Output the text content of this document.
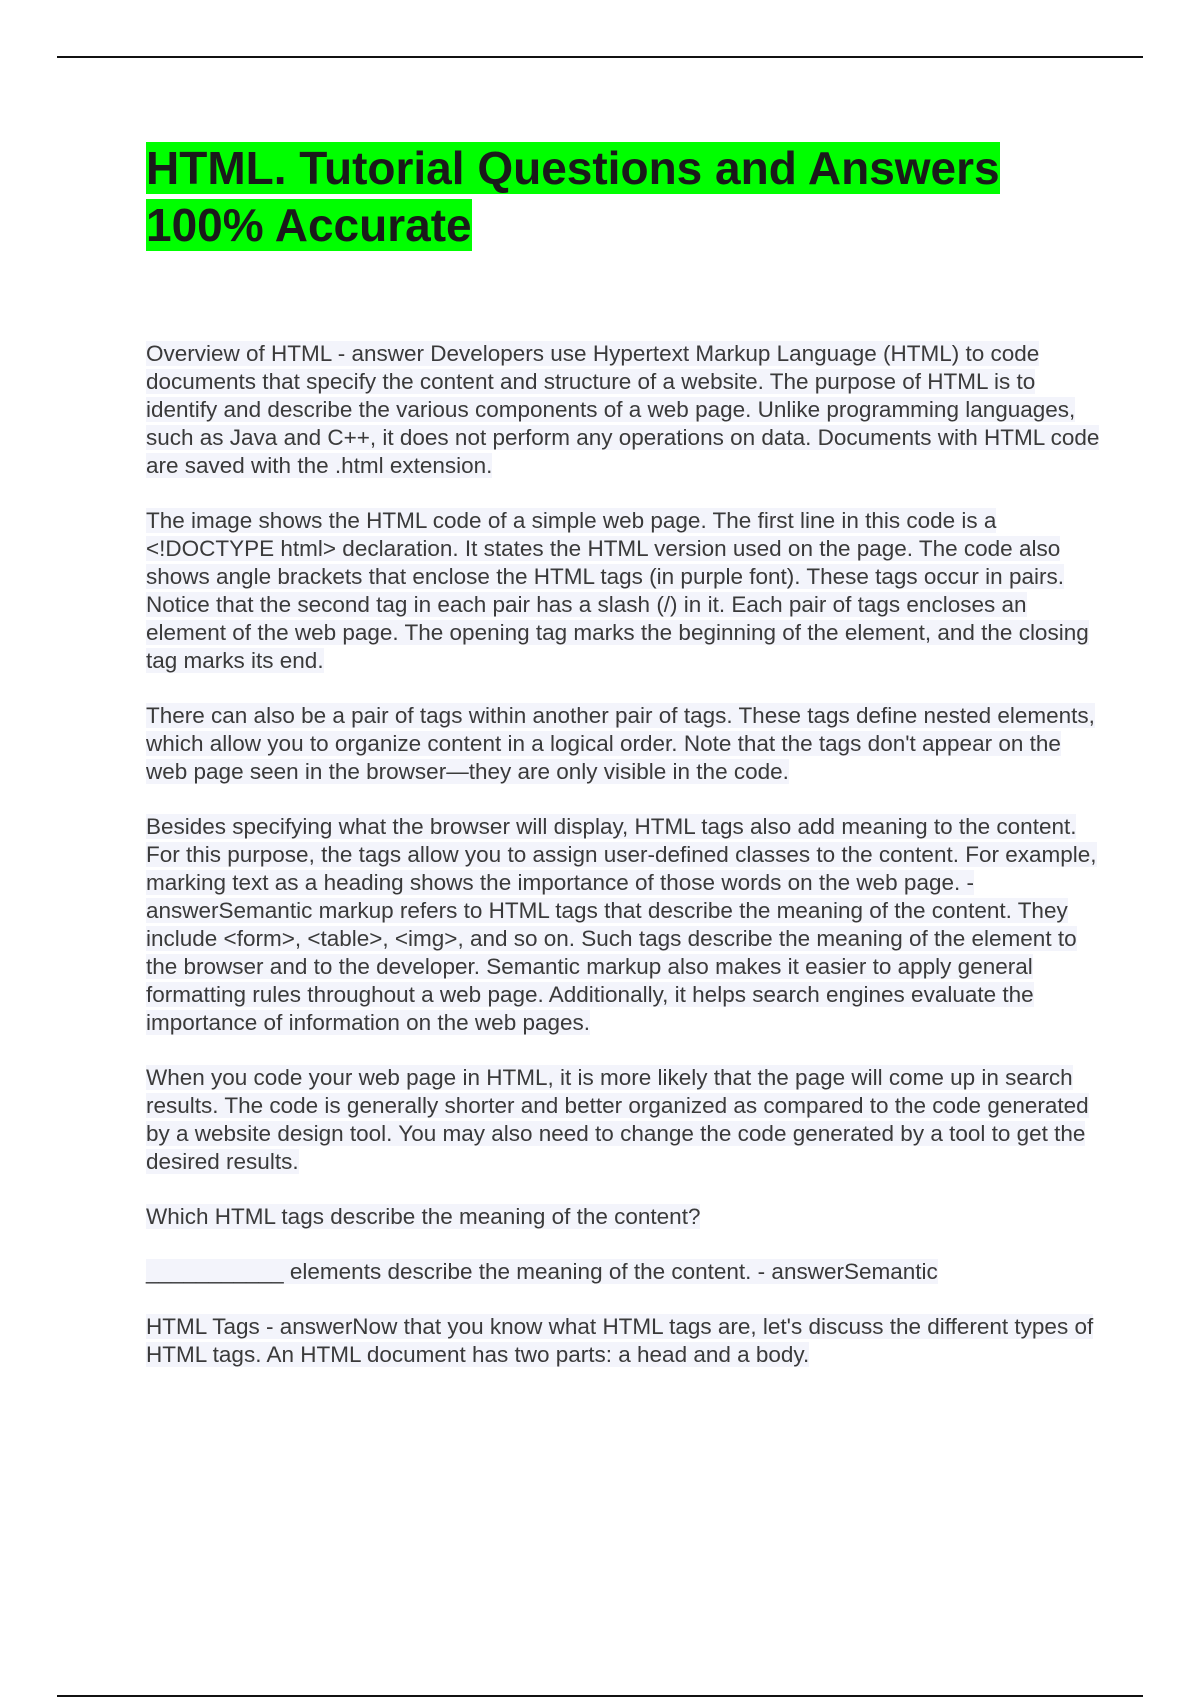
HTML. Tutorial Questions and Answers 100% Accurate

Overview of HTML - answer Developers use Hypertext Markup Language (HTML) to code documents that specify the content and structure of a website. The purpose of HTML is to identify and describe the various components of a web page. Unlike programming languages, such as Java and C++, it does not perform any operations on data. Documents with HTML code are saved with the .html extension.

The image shows the HTML code of a simple web page. The first line in this code is a <!DOCTYPE html> declaration. It states the HTML version used on the page. The code also shows angle brackets that enclose the HTML tags (in purple font). These tags occur in pairs. Notice that the second tag in each pair has a slash (/) in it. Each pair of tags encloses an element of the web page. The opening tag marks the beginning of the element, and the closing tag marks its end.

There can also be a pair of tags within another pair of tags. These tags define nested elements, which allow you to organize content in a logical order. Note that the tags don't appear on the web page seen in the browser—they are only visible in the code.

Besides specifying what the browser will display, HTML tags also add meaning to the content. For this purpose, the tags allow you to assign user-defined classes to the content. For example, marking text as a heading shows the importance of those words on the web page. - answerSemantic markup refers to HTML tags that describe the meaning of the content. They include <form>, <table>, <img>, and so on. Such tags describe the meaning of the element to the browser and to the developer. Semantic markup also makes it easier to apply general formatting rules throughout a web page. Additionally, it helps search engines evaluate the importance of information on the web pages.

When you code your web page in HTML, it is more likely that the page will come up in search results. The code is generally shorter and better organized as compared to the code generated by a website design tool. You may also need to change the code generated by a tool to get the desired results.

Which HTML tags describe the meaning of the content?

___________ elements describe the meaning of the content. - answerSemantic

HTML Tags - answerNow that you know what HTML tags are, let's discuss the different types of HTML tags. An HTML document has two parts: a head and a body.
